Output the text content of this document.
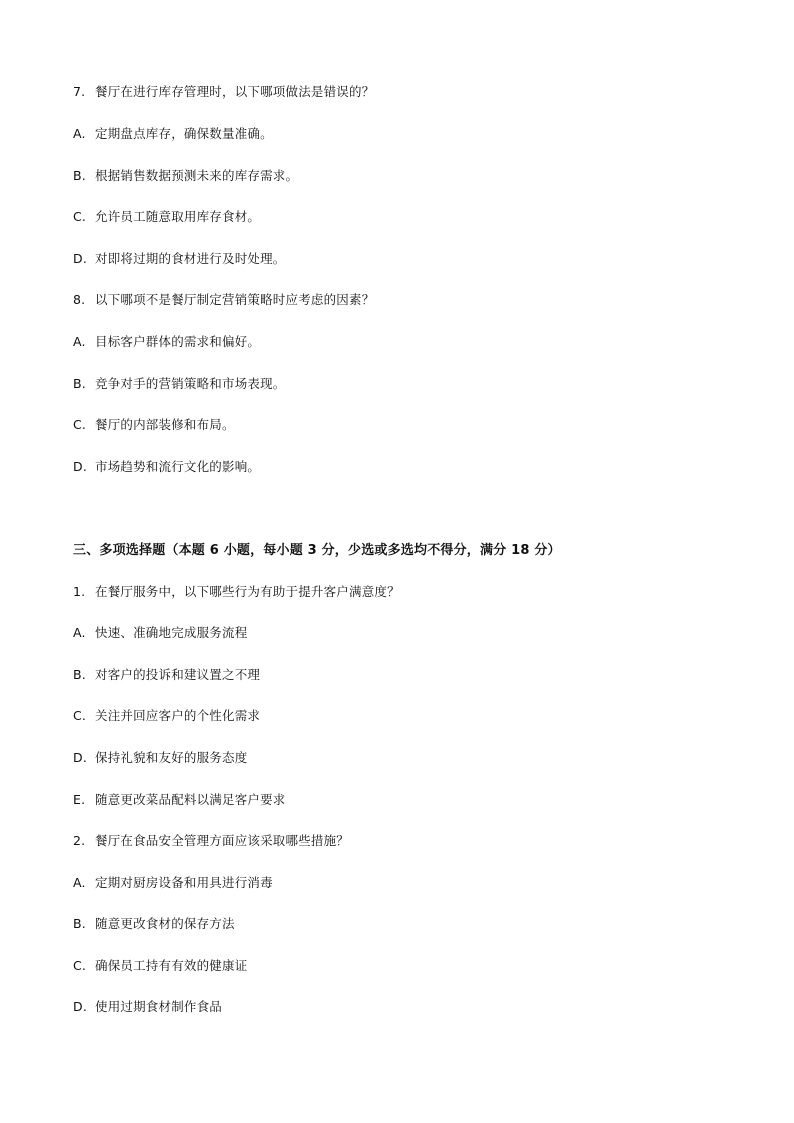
7. 餐厅在进行库存管理时，以下哪项做法是错误的？
A. 定期盘点库存，确保数量准确。
B. 根据销售数据预测未来的库存需求。
C. 允许员工随意取用库存食材。
D. 对即将过期的食材进行及时处理。
8. 以下哪项不是餐厅制定营销策略时应考虑的因素？
A. 目标客户群体的需求和偏好。
B. 竞争对手的营销策略和市场表现。
C. 餐厅的内部装修和布局。
D. 市场趋势和流行文化的影响。
三、多项选择题（本题 6 小题，每小题 3 分，少选或多选均不得分，满分 18 分）
1. 在餐厅服务中，以下哪些行为有助于提升客户满意度？
A. 快速、准确地完成服务流程
B. 对客户的投诉和建议置之不理
C. 关注并回应客户的个性化需求
D. 保持礼貌和友好的服务态度
E. 随意更改菜品配料以满足客户要求
2. 餐厅在食品安全管理方面应该采取哪些措施？
A. 定期对厨房设备和用具进行消毒
B. 随意更改食材的保存方法
C. 确保员工持有有效的健康证
D. 使用过期食材制作食品
